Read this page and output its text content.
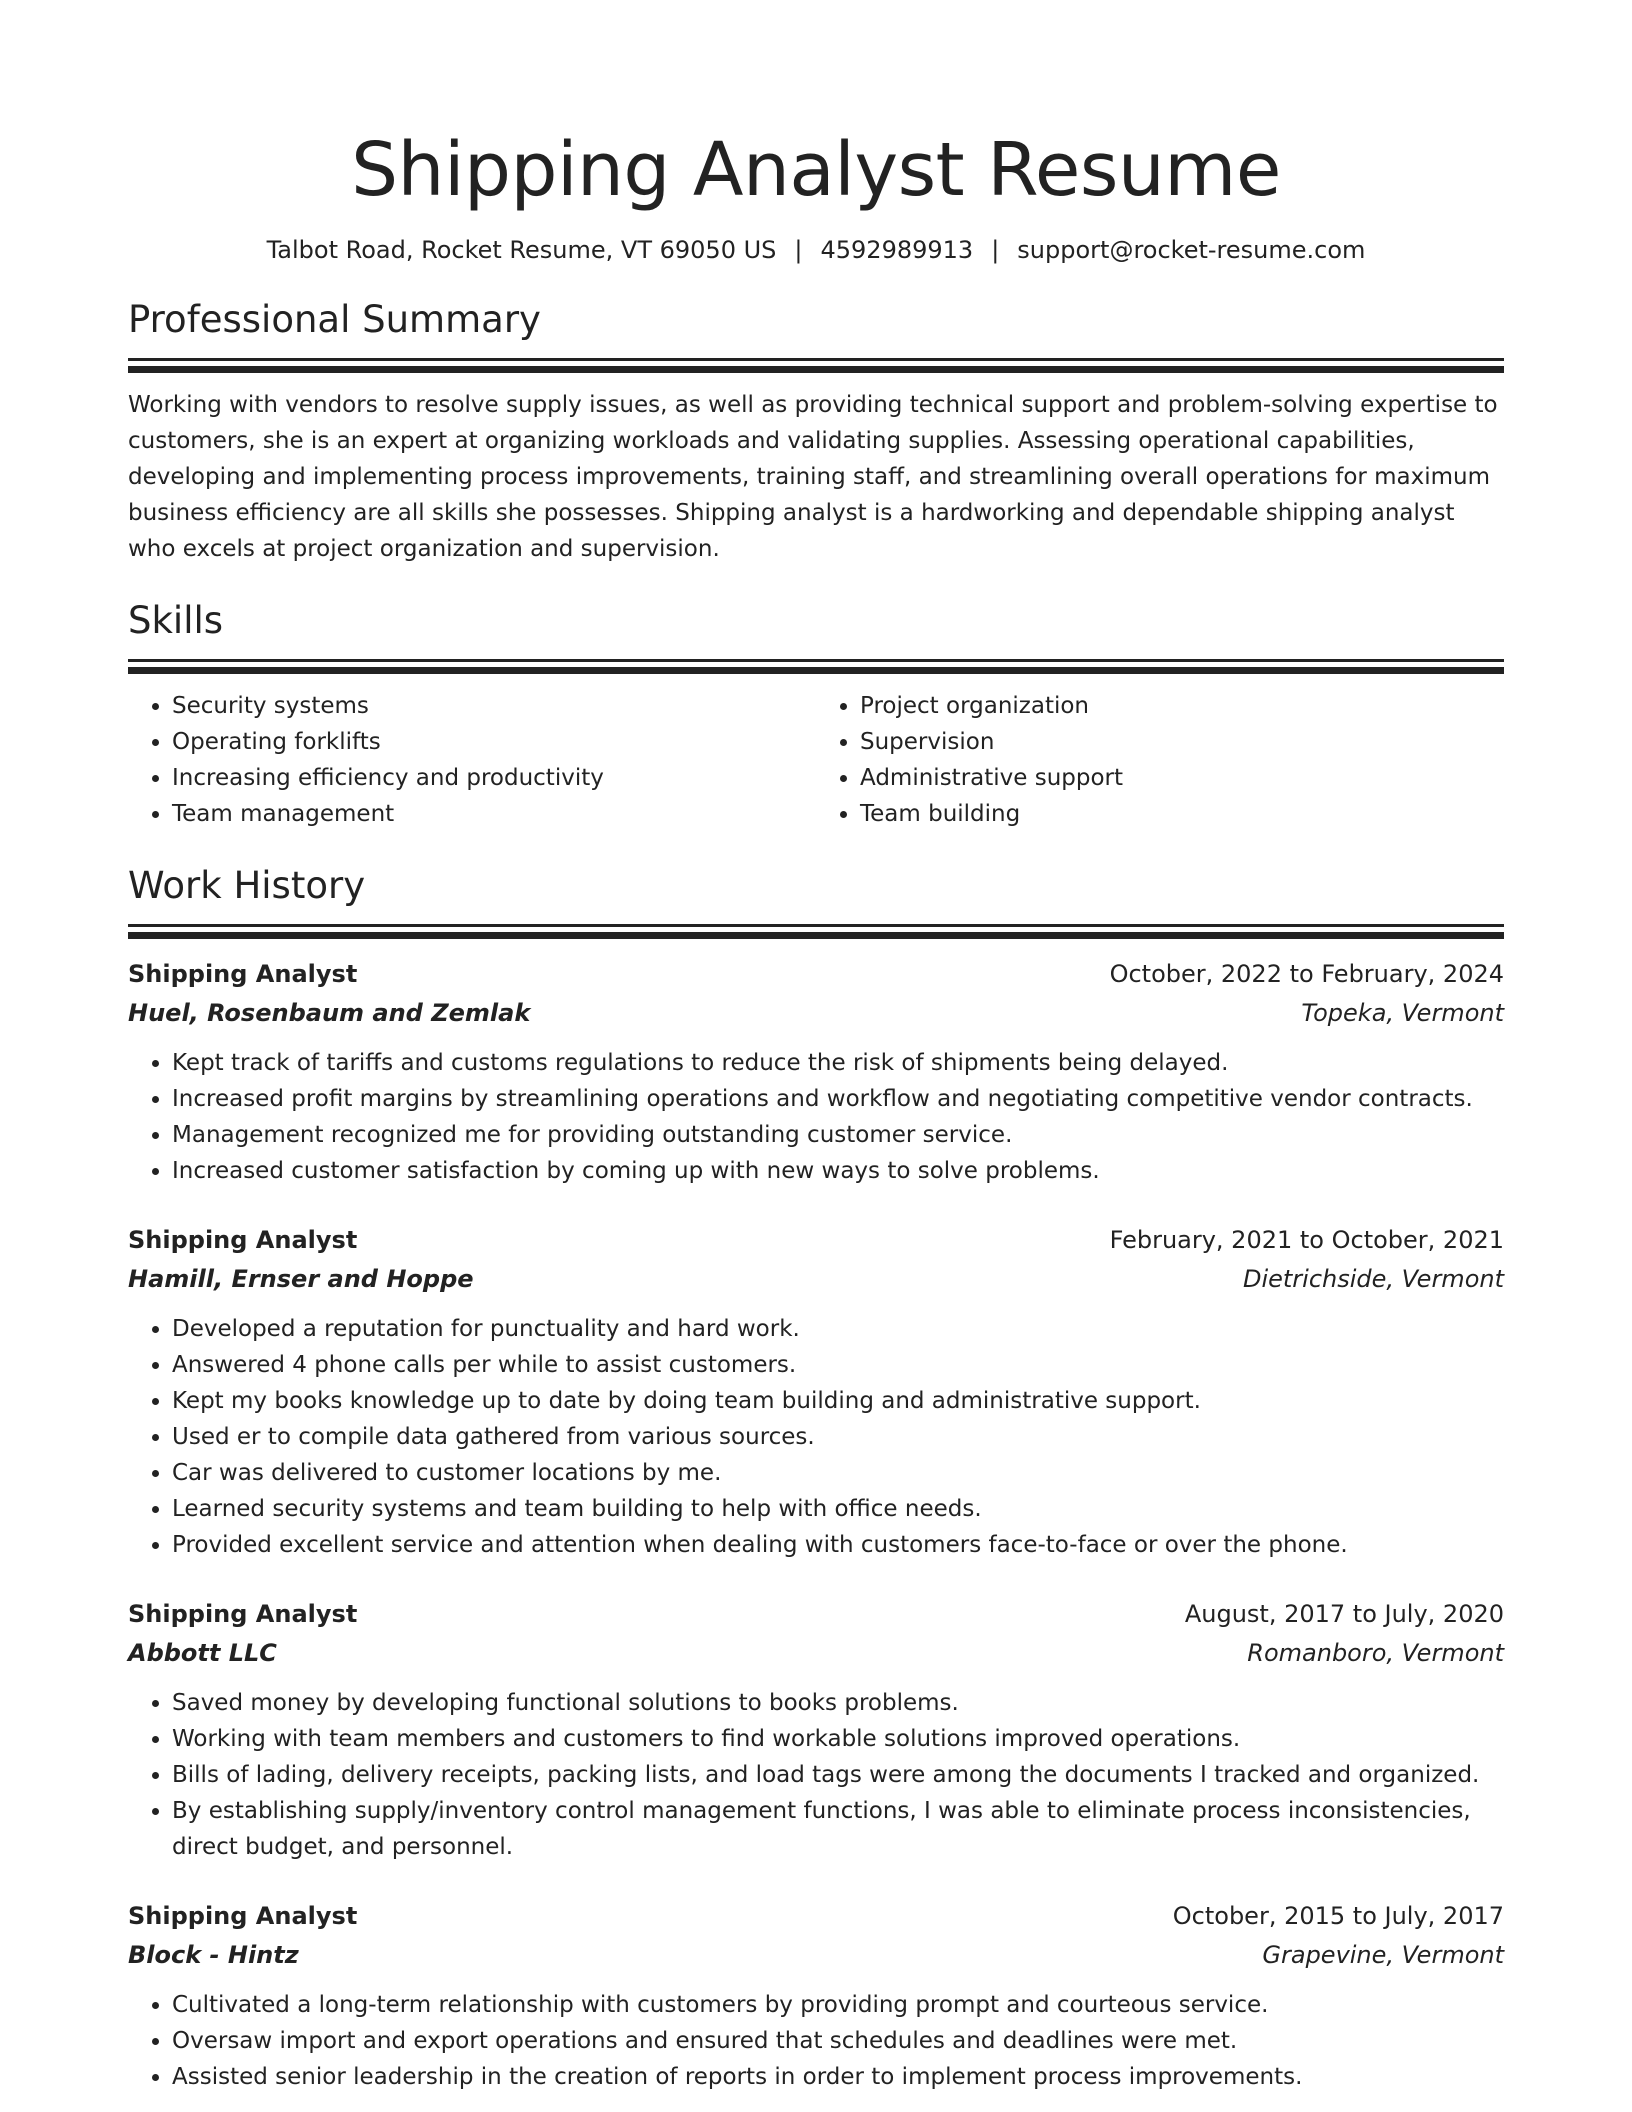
Shipping Analyst Resume
Talbot Road, Rocket Resume, VT 69050 US | 4592989913 | support@rocket-resume.com
Professional Summary

Working with vendors to resolve supply issues, as well as providing technical support and problem-solving expertise to customers, she is an expert at organizing workloads and validating supplies. Assessing operational capabilities, developing and implementing process improvements, training staff, and streamlining overall operations for maximum business efficiency are all skills she possesses. Shipping analyst is a hardworking and dependable shipping analyst who excels at project organization and supervision.

Skills
• Security systems
• Operating forklifts
• Increasing efficiency and productivity
• Team management
• Project organization
• Supervision
• Administrative support
• Team building
Work History
Shipping Analyst	October, 2022 to February, 2024
Huel, Rosenbaum and Zemlak	Topeka, Vermont
• Kept track of tariffs and customs regulations to reduce the risk of shipments being delayed.
• Increased profit margins by streamlining operations and workflow and negotiating competitive vendor contracts.
• Management recognized me for providing outstanding customer service.
• Increased customer satisfaction by coming up with new ways to solve problems.
Shipping Analyst	February, 2021 to October, 2021
Hamill, Ernser and Hoppe	Dietrichside, Vermont
• Developed a reputation for punctuality and hard work.
• Answered 4 phone calls per while to assist customers.
• Kept my books knowledge up to date by doing team building and administrative support.
• Used er to compile data gathered from various sources.
• Car was delivered to customer locations by me.
• Learned security systems and team building to help with office needs.
• Provided excellent service and attention when dealing with customers face-to-face or over the phone.
Shipping Analyst	August, 2017 to July, 2020
Abbott LLC	Romanboro, Vermont
• Saved money by developing functional solutions to books problems.
• Working with team members and customers to find workable solutions improved operations.
• Bills of lading, delivery receipts, packing lists, and load tags were among the documents I tracked and organized.
• By establishing supply/inventory control management functions, I was able to eliminate process inconsistencies, direct budget, and personnel.
Shipping Analyst	October, 2015 to July, 2017
Block - Hintz	Grapevine, Vermont
• Cultivated a long-term relationship with customers by providing prompt and courteous service.
• Oversaw import and export operations and ensured that schedules and deadlines were met.
• Assisted senior leadership in the creation of reports in order to implement process improvements.
